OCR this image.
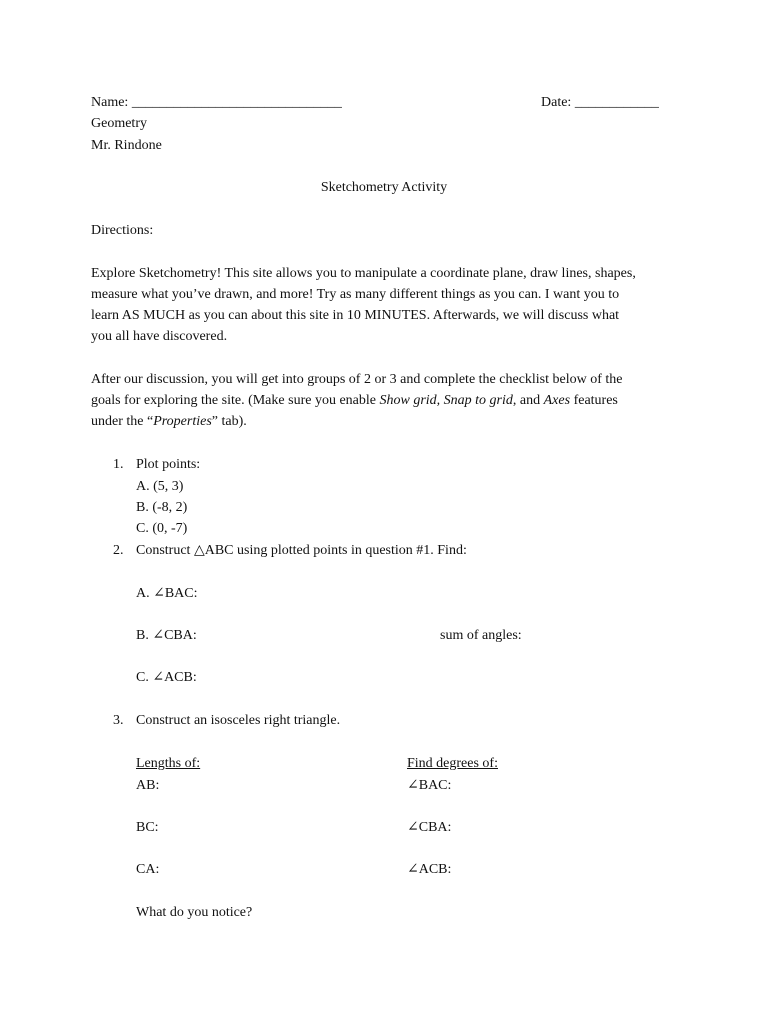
Name: ______________________________	Date: ____________
Geometry
Mr. Rindone
Sketchometry Activity
Directions:
Explore Sketchometry! This site allows you to manipulate a coordinate plane, draw lines, shapes,
measure what you’ve drawn, and more! Try as many different things as you can. I want you to
learn AS MUCH as you can about this site in 10 MINUTES. Afterwards, we will discuss what
you all have discovered.
After our discussion, you will get into groups of 2 or 3 and complete the checklist below of the
goals for exploring the site. (Make sure you enable Show grid, Snap to grid, and Axes features
under the “Properties” tab).
1. Plot points:
A. (5, 3)
B. (-8, 2)
C. (0, -7)
2. Construct △ABC using plotted points in question #1. Find:
A. ∠BAC:
B. ∠CBA:	sum of angles:
C. ∠ACB:
3. Construct an isosceles right triangle.
Lengths of:	Find degrees of:
AB:	∠BAC:
BC:	∠CBA:
CA:	∠ACB:
What do you notice?
